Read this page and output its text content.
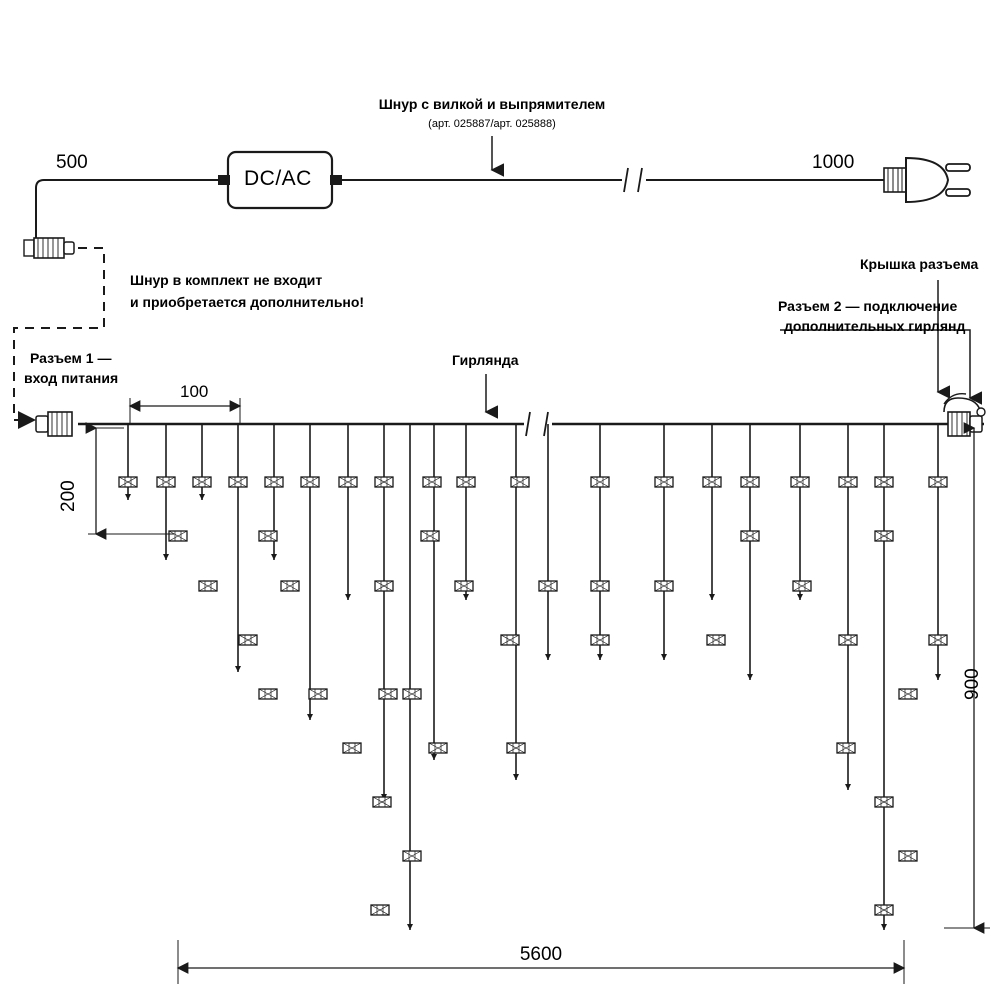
500	1000
Шнур с вилкой и выпрямителем
(арт. 025887/арт. 025888)
DC/AC
Шнур в комплект не входит
и приобретается дополнительно!
Разъем 1 —
вход питания
Гирлянда
Крышка разъема
Разъем 2 — подключение
дополнительных гирлянд
100
200
900
5600
